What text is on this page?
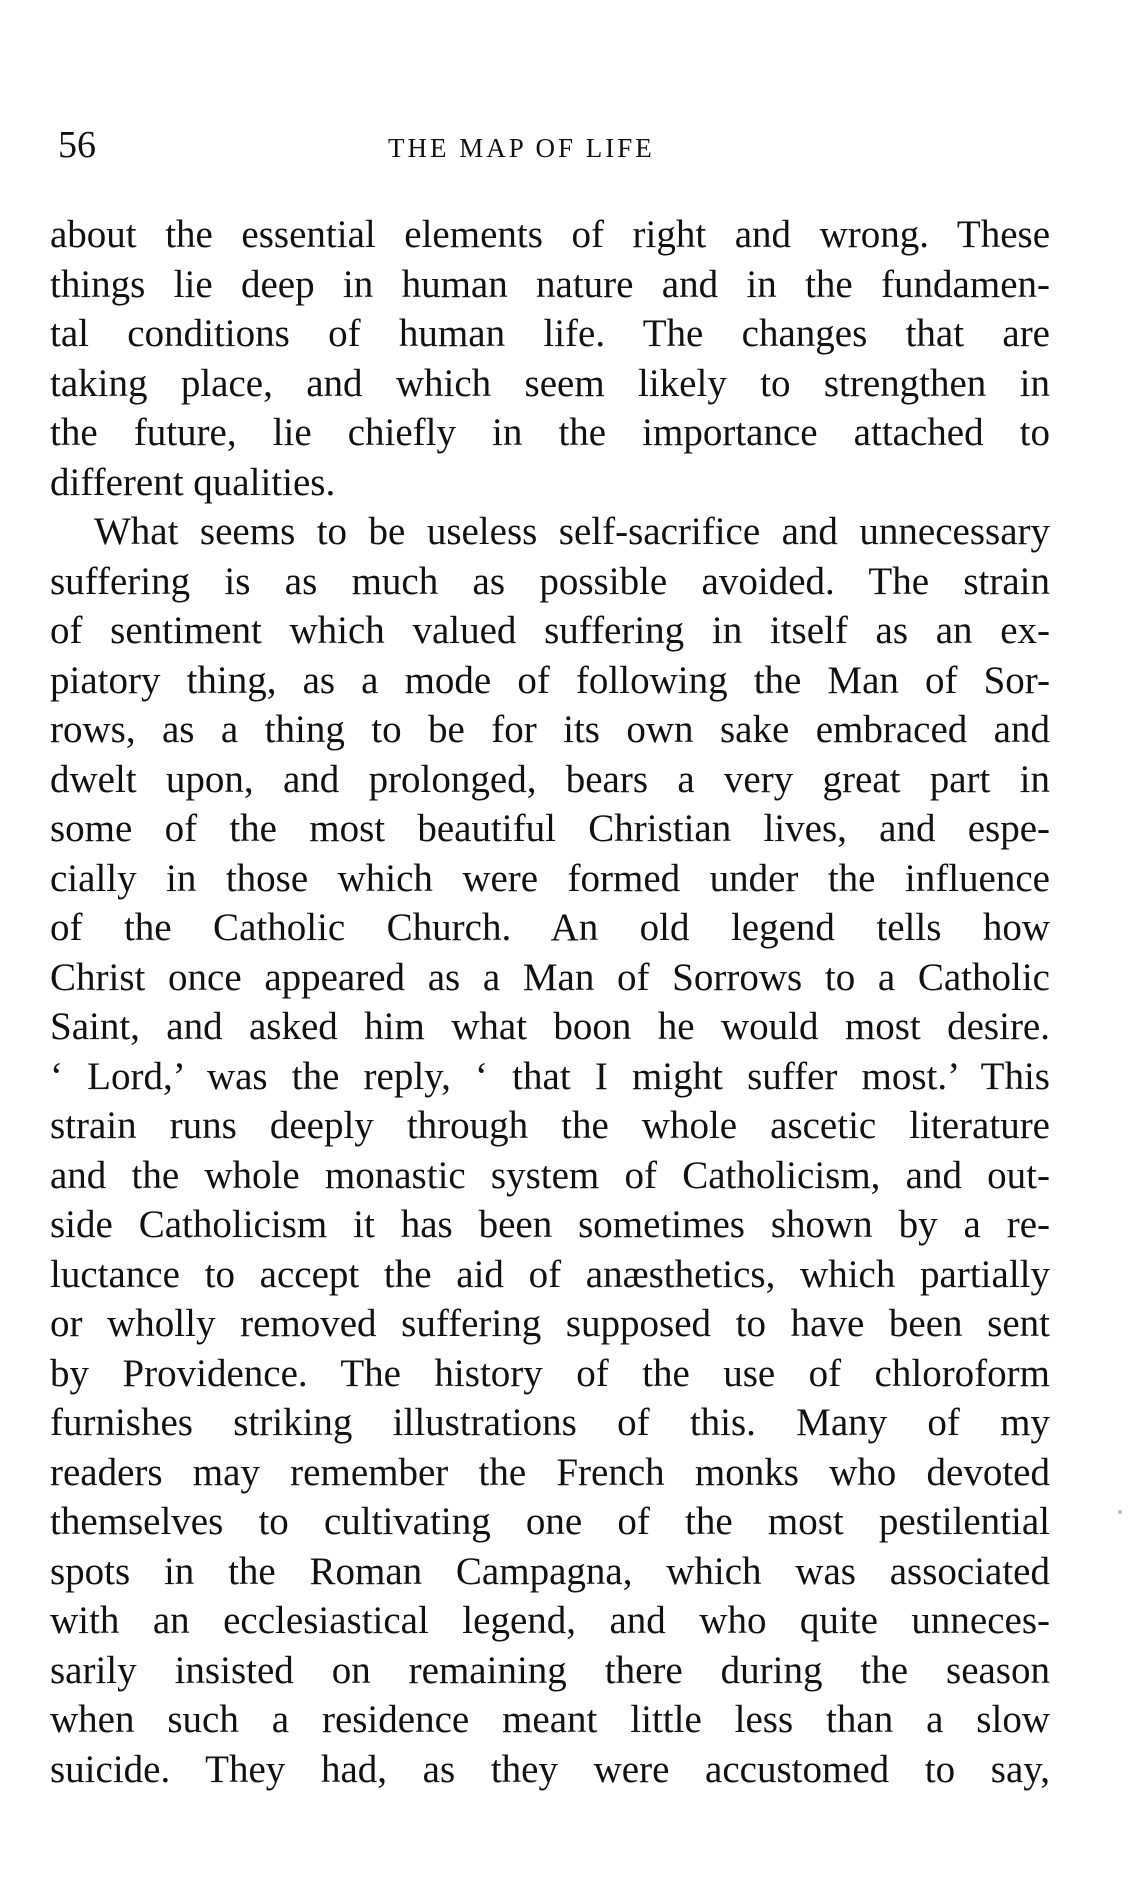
56	THE MAP OF LIFE
about the essential elements of right and wrong. These
things lie deep in human nature and in the fundamen-
tal conditions of human life. The changes that are
taking place, and which seem likely to strengthen in
the future, lie chiefly in the importance attached to
different qualities.
What seems to be useless self-sacrifice and unnecessary
suffering is as much as possible avoided. The strain
of sentiment which valued suffering in itself as an ex-
piatory thing, as a mode of following the Man of Sor-
rows, as a thing to be for its own sake embraced and
dwelt upon, and prolonged, bears a very great part in
some of the most beautiful Christian lives, and espe-
cially in those which were formed under the influence
of the Catholic Church. An old legend tells how
Christ once appeared as a Man of Sorrows to a Catholic
Saint, and asked him what boon he would most desire.
‘ Lord,’ was the reply, ‘ that I might suffer most.’ This
strain runs deeply through the whole ascetic literature
and the whole monastic system of Catholicism, and out-
side Catholicism it has been sometimes shown by a re-
luctance to accept the aid of anæsthetics, which partially
or wholly removed suffering supposed to have been sent
by Providence. The history of the use of chloroform
furnishes striking illustrations of this. Many of my
readers may remember the French monks who devoted
themselves to cultivating one of the most pestilential
spots in the Roman Campagna, which was associated
with an ecclesiastical legend, and who quite unneces-
sarily insisted on remaining there during the season
when such a residence meant little less than a slow
suicide. They had, as they were accustomed to say,
